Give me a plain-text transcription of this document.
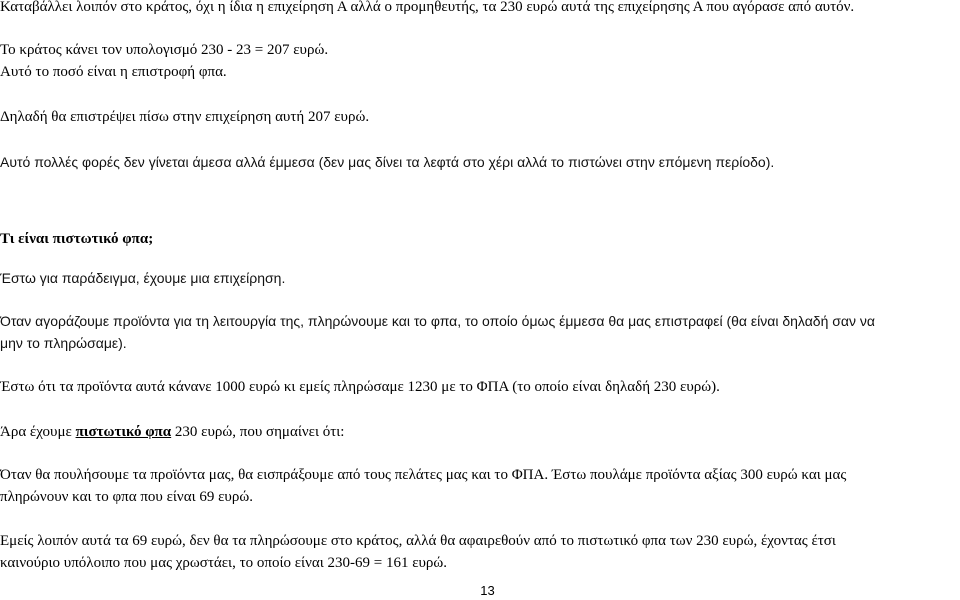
Καταβάλλει λοιπόν στο κράτος, όχι η ίδια η επιχείρηση Α αλλά ο προμηθευτής, τα 230 ευρώ αυτά της επιχείρησης Α που αγόρασε από αυτόν.
Το κράτος κάνει τον υπολογισμό 230 - 23 = 207 ευρώ.
Αυτό το ποσό είναι η επιστροφή φπα.
Δηλαδή θα επιστρέψει πίσω στην επιχείρηση αυτή 207 ευρώ.
Αυτό πολλές φορές δεν γίνεται άμεσα αλλά έμμεσα (δεν μας δίνει τα λεφτά στο χέρι αλλά το πιστώνει στην επόμενη περίοδο).
Τι είναι πιστωτικό φπα;
Έστω για παράδειγμα, έχουμε μια επιχείρηση.
Όταν αγοράζουμε προϊόντα για τη λειτουργία της, πληρώνουμε και το φπα, το οποίο όμως έμμεσα θα μας επιστραφεί (θα είναι δηλαδή σαν να
μην το πληρώσαμε).
Έστω ότι τα προϊόντα αυτά κάνανε 1000 ευρώ κι εμείς πληρώσαμε 1230 με το ΦΠΑ (το οποίο είναι δηλαδή 230 ευρώ).
Άρα έχουμε πιστωτικό φπα 230 ευρώ, που σημαίνει ότι:
Όταν θα πουλήσουμε τα προϊόντα μας, θα εισπράξουμε από τους πελάτες μας και το ΦΠΑ. Έστω πουλάμε προϊόντα αξίας 300 ευρώ και μας
πληρώνουν και το φπα που είναι 69 ευρώ.
Εμείς λοιπόν αυτά τα 69 ευρώ, δεν θα τα πληρώσουμε στο κράτος, αλλά θα αφαιρεθούν από το πιστωτικό φπα των 230 ευρώ, έχοντας έτσι
καινούριο υπόλοιπο που μας χρωστάει, το οποίο είναι 230-69 = 161 ευρώ.
13
